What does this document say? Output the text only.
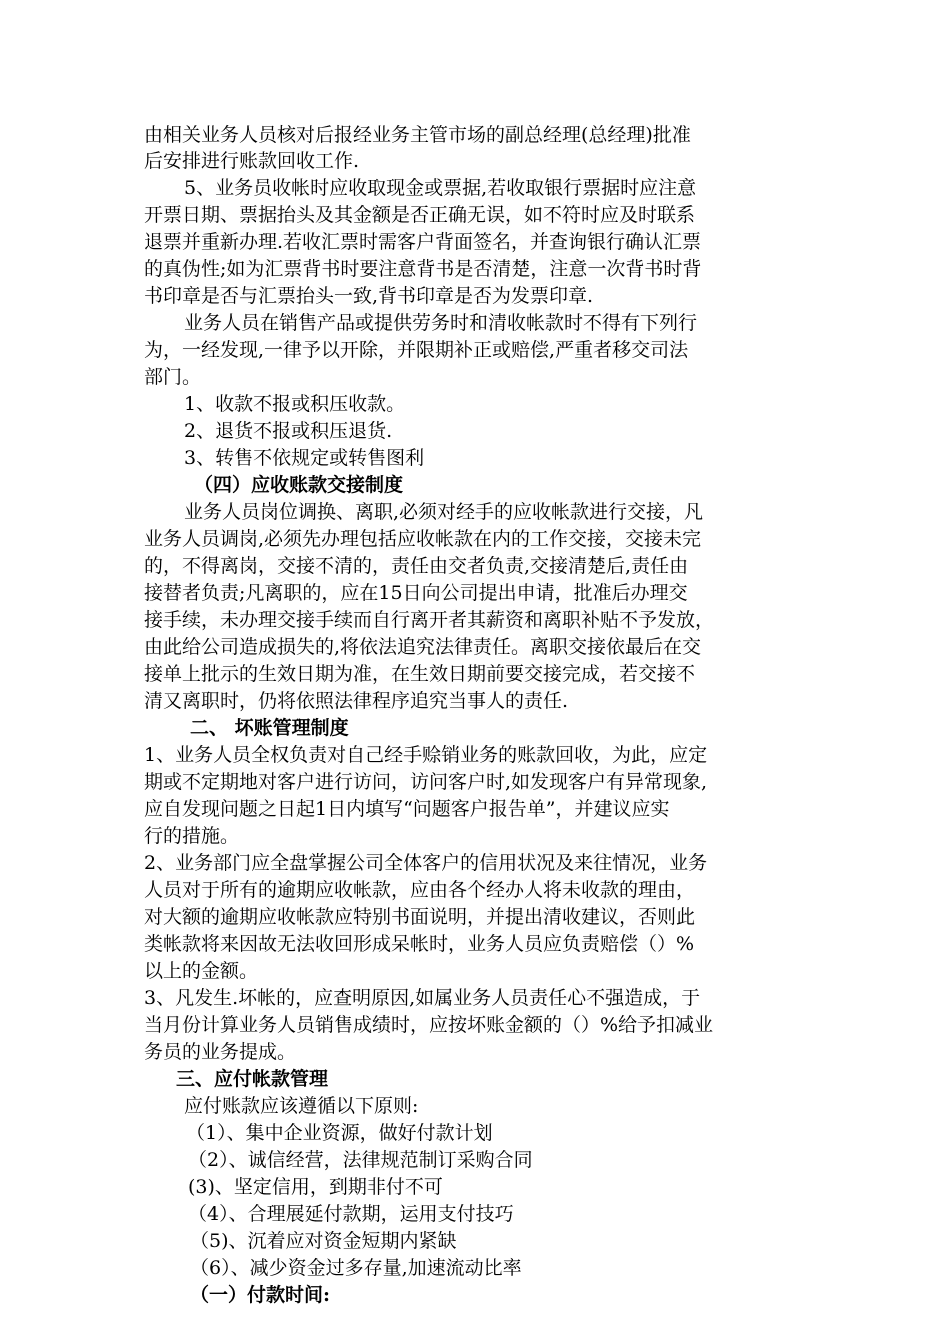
由相关业务人员核对后报经业务主管市场的副总经理(总经理)批准
后安排进行账款回收工作.
5、业务员收帐时应收取现金或票据,若收取银行票据时应注意
开票日期、票据抬头及其金额是否正确无误，如不符时应及时联系
退票并重新办理.若收汇票时需客户背面签名，并查询银行确认汇票
的真伪性;如为汇票背书时要注意背书是否清楚，注意一次背书时背
书印章是否与汇票抬头一致,背书印章是否为发票印章.
业务人员在销售产品或提供劳务时和清收帐款时不得有下列行
为，一经发现,一律予以开除，并限期补正或赔偿,严重者移交司法
部门。
1、收款不报或积压收款。
2、退货不报或积压退货.
3、转售不依规定或转售图利
（四）应收账款交接制度
业务人员岗位调换、离职,必须对经手的应收帐款进行交接，凡
业务人员调岗,必须先办理包括应收帐款在内的工作交接，交接未完
的，不得离岗，交接不清的，责任由交者负责,交接清楚后,责任由
接替者负责;凡离职的，应在15日向公司提出申请，批准后办理交
接手续，未办理交接手续而自行离开者其薪资和离职补贴不予发放，
由此给公司造成损失的,将依法追究法律责任。离职交接依最后在交
接单上批示的生效日期为准，在生效日期前要交接完成，若交接不
清又离职时，仍将依照法律程序追究当事人的责任.
二、 坏账管理制度
1、业务人员全权负责对自己经手赊销业务的账款回收，为此，应定
期或不定期地对客户进行访问，访问客户时,如发现客户有异常现象,
应自发现问题之日起1日内填写“问题客户报告单”，并建议应实
行的措施。
2、业务部门应全盘掌握公司全体客户的信用状况及来往情况，业务
人员对于所有的逾期应收帐款，应由各个经办人将未收款的理由，
对大额的逾期应收帐款应特别书面说明，并提出清收建议，否则此
类帐款将来因故无法收回形成呆帐时，业务人员应负责赔偿（）%
以上的金额。
3、凡发生.坏帐的，应查明原因,如属业务人员责任心不强造成，于
当月份计算业务人员销售成绩时，应按坏账金额的（）%给予扣减业
务员的业务提成。
三、应付帐款管理
应付账款应该遵循以下原则:
（1）、集中企业资源，做好付款计划
（2）、诚信经营，法律规范制订采购合同
(3)、坚定信用，到期非付不可
（4）、合理展延付款期，运用支付技巧
（5)、沉着应对资金短期内紧缺
（6）、减少资金过多存量,加速流动比率
（一）付款时间:
